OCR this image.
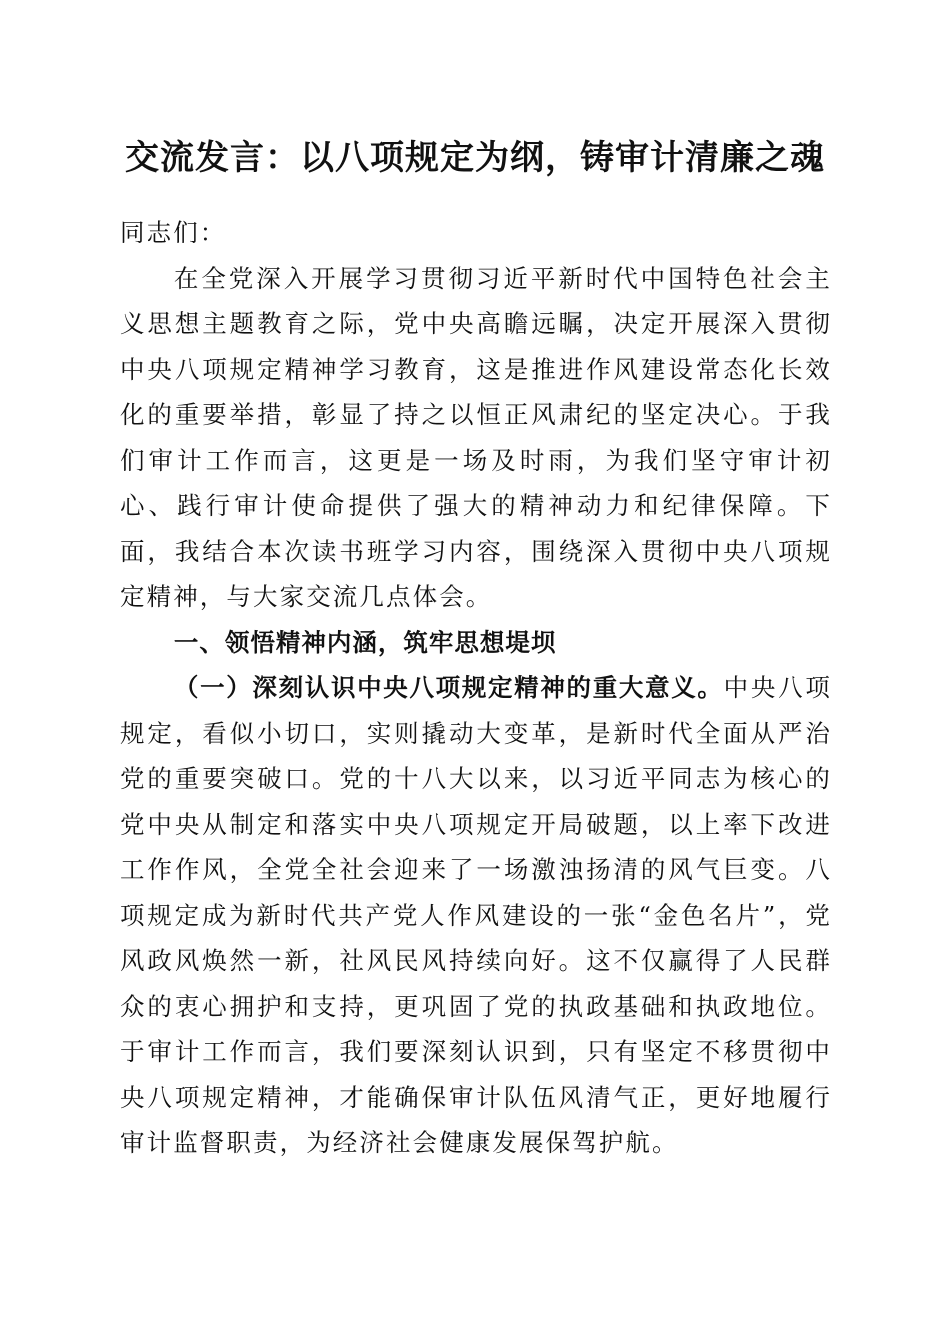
交流发言：以八项规定为纲，铸审计清廉之魂

同志们：

在全党深入开展学习贯彻习近平新时代中国特色社会主义思想主题教育之际，党中央高瞻远瞩，决定开展深入贯彻中央八项规定精神学习教育，这是推进作风建设常态化长效化的重要举措，彰显了持之以恒正风肃纪的坚定决心。于我们审计工作而言，这更是一场及时雨，为我们坚守审计初心、践行审计使命提供了强大的精神动力和纪律保障。下面，我结合本次读书班学习内容，围绕深入贯彻中央八项规定精神，与大家交流几点体会。

一、领悟精神内涵，筑牢思想堤坝

（一）深刻认识中央八项规定精神的重大意义。中央八项规定，看似小切口，实则撬动大变革，是新时代全面从严治党的重要突破口。党的十八大以来，以习近平同志为核心的党中央从制定和落实中央八项规定开局破题，以上率下改进工作作风，全党全社会迎来了一场激浊扬清的风气巨变。八项规定成为新时代共产党人作风建设的一张“金色名片”，党风政风焕然一新，社风民风持续向好。这不仅赢得了人民群众的衷心拥护和支持，更巩固了党的执政基础和执政地位。于审计工作而言，我们要深刻认识到，只有坚定不移贯彻中央八项规定精神，才能确保审计队伍风清气正，更好地履行审计监督职责，为经济社会健康发展保驾护航。
